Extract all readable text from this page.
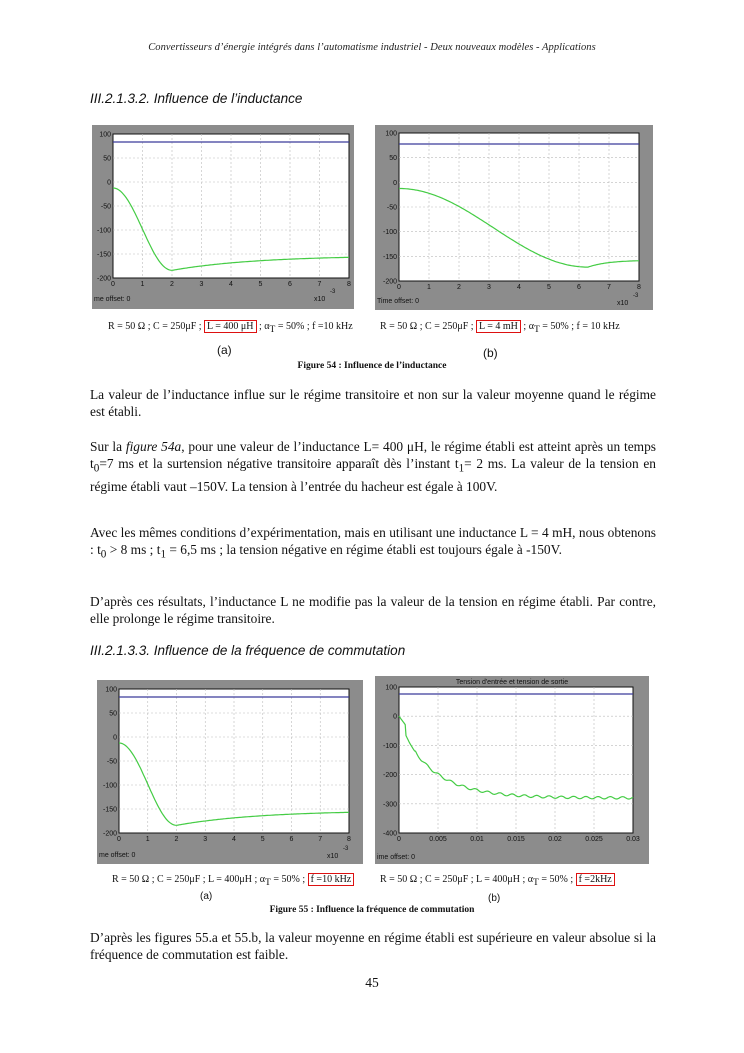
Convertisseurs d’énergie intégrés dans l’automatisme industriel - Deux nouveaux modèles - Applications
III.2.1.3.2. Influence de l’inductance
100
50
0
-50
-100
-150
-200
0	1	2	3	4	5	6	7	8
me offset: 0	x10
-3
100
50
0
-50
-100
-150
-200
0	1	2	3	4	5	6	7	8
Time offset: 0	x10
-3
R = 50 Ω ; C = 250μF ; L = 400 μH ; $\alpha_T = 50\%$ ; f =10 kHz	R = 50 Ω ; C = 250μF ; L = 4 mH ; $\alpha_T = 50\%$ ; f = 10 kHz
(a)	(b)
Figure 54 : Influence de l’inductance
La valeur de l’inductance influe sur le régime transitoire et non sur la valeur moyenne quand le régime est établi.
Sur la figure 54a, pour une valeur de l’inductance L= 400 μH, le régime établi est atteint après un temps $t_0=7$ ms et la surtension négative transitoire apparaît dès l’instant $t_1= 2$ ms. La valeur de la tension en régime établi vaut –150V. La tension à l’entrée du hacheur est égale à 100V.
Avec les mêmes conditions d’expérimentation, mais en utilisant une inductance L = 4 mH, nous obtenons : $t_0 > 8$ ms ; $t_1 = 6,5$ ms ; la tension négative en régime établi est toujours égale à -150V.
D’après ces résultats, l’inductance L ne modifie pas la valeur de la tension en régime établi. Par contre, elle prolonge le régime transitoire.
III.2.1.3.3. Influence de la fréquence de commutation
100
50
0
-50
-100
-150
-200
0	1	2	3	4	5	6	7	8
me offset: 0	x10
-3
Tension d'entrée et tension de sortie
100
0
-100
-200
-300
-400
0	0.005	0.01	0.015	0.02	0.025	0.03
ime offset: 0
R = 50 Ω ; C = 250μF ; L = 400μH ; $\alpha_T = 50\%$ ; f =10 kHz	R = 50 Ω ; C = 250μF ; L = 400μH ; $\alpha_T = 50\%$ ; f =2kHz
(a)	(b)
Figure 55 : Influence la fréquence de commutation
D’après les figures 55.a et 55.b, la valeur moyenne en régime établi est supérieure en valeur absolue si la fréquence de commutation est faible.
45
